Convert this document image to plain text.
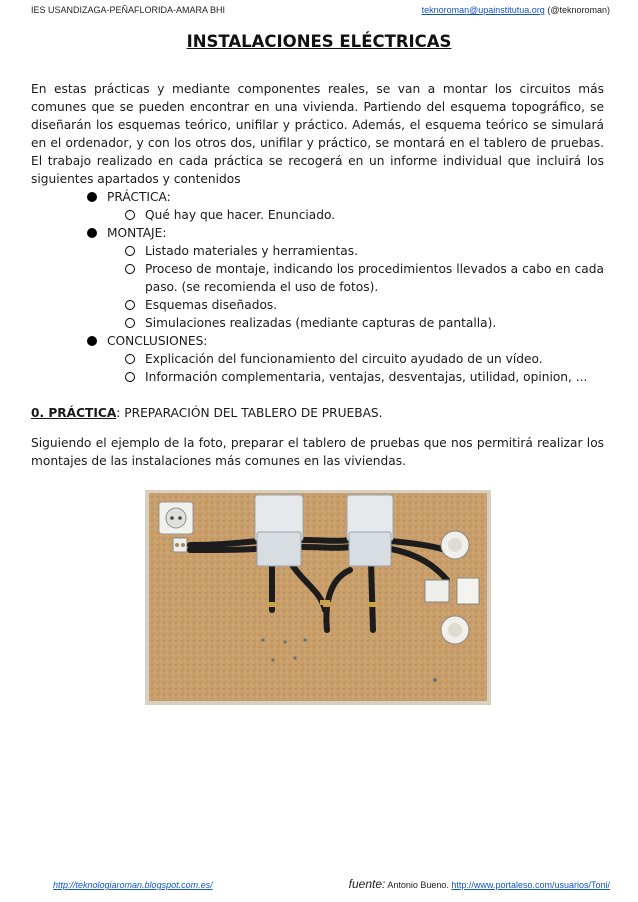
IES USANDIZAGA-PEÑAFLORIDA-AMARA BHI	teknoroman@upainstitutua.org (@teknoroman)
INSTALACIONES ELÉCTRICAS

En estas prácticas y mediante componentes reales, se van a montar los circuitos más comunes que se pueden encontrar en una vivienda. Partiendo del esquema topográfico, se diseñarán los esquemas teórico, unifilar y práctico. Además, el esquema teórico se simulará en el ordenador, y con los otros dos, unifilar y práctico, se montará en el tablero de pruebas. El trabajo realizado en cada práctica se recogerá en un informe individual que incluirá los siguientes apartados y contenidos

PRÁCTICA:
Qué hay que hacer. Enunciado.
MONTAJE:
Listado materiales y herramientas.
Proceso de montaje, indicando los procedimientos llevados a cabo en cada paso. (se recomienda el uso de fotos).
Esquemas diseñados.
Simulaciones realizadas (mediante capturas de pantalla).
CONCLUSIONES:
Explicación del funcionamiento del circuito ayudado de un vídeo.
Información complementaria, ventajas, desventajas, utilidad, opinion, ...

0. PRÁCTICA: PREPARACIÓN DEL TABLERO DE PRUEBAS.

Siguiendo el ejemplo de la foto, preparar el tablero de pruebas que nos permitirá realizar los montajes de las instalaciones más comunes en las viviendas.

http://teknologiaroman.blogspot.com.es/	fuente: Antonio Bueno. http://www.portaleso.com/usuarios/Toni/
